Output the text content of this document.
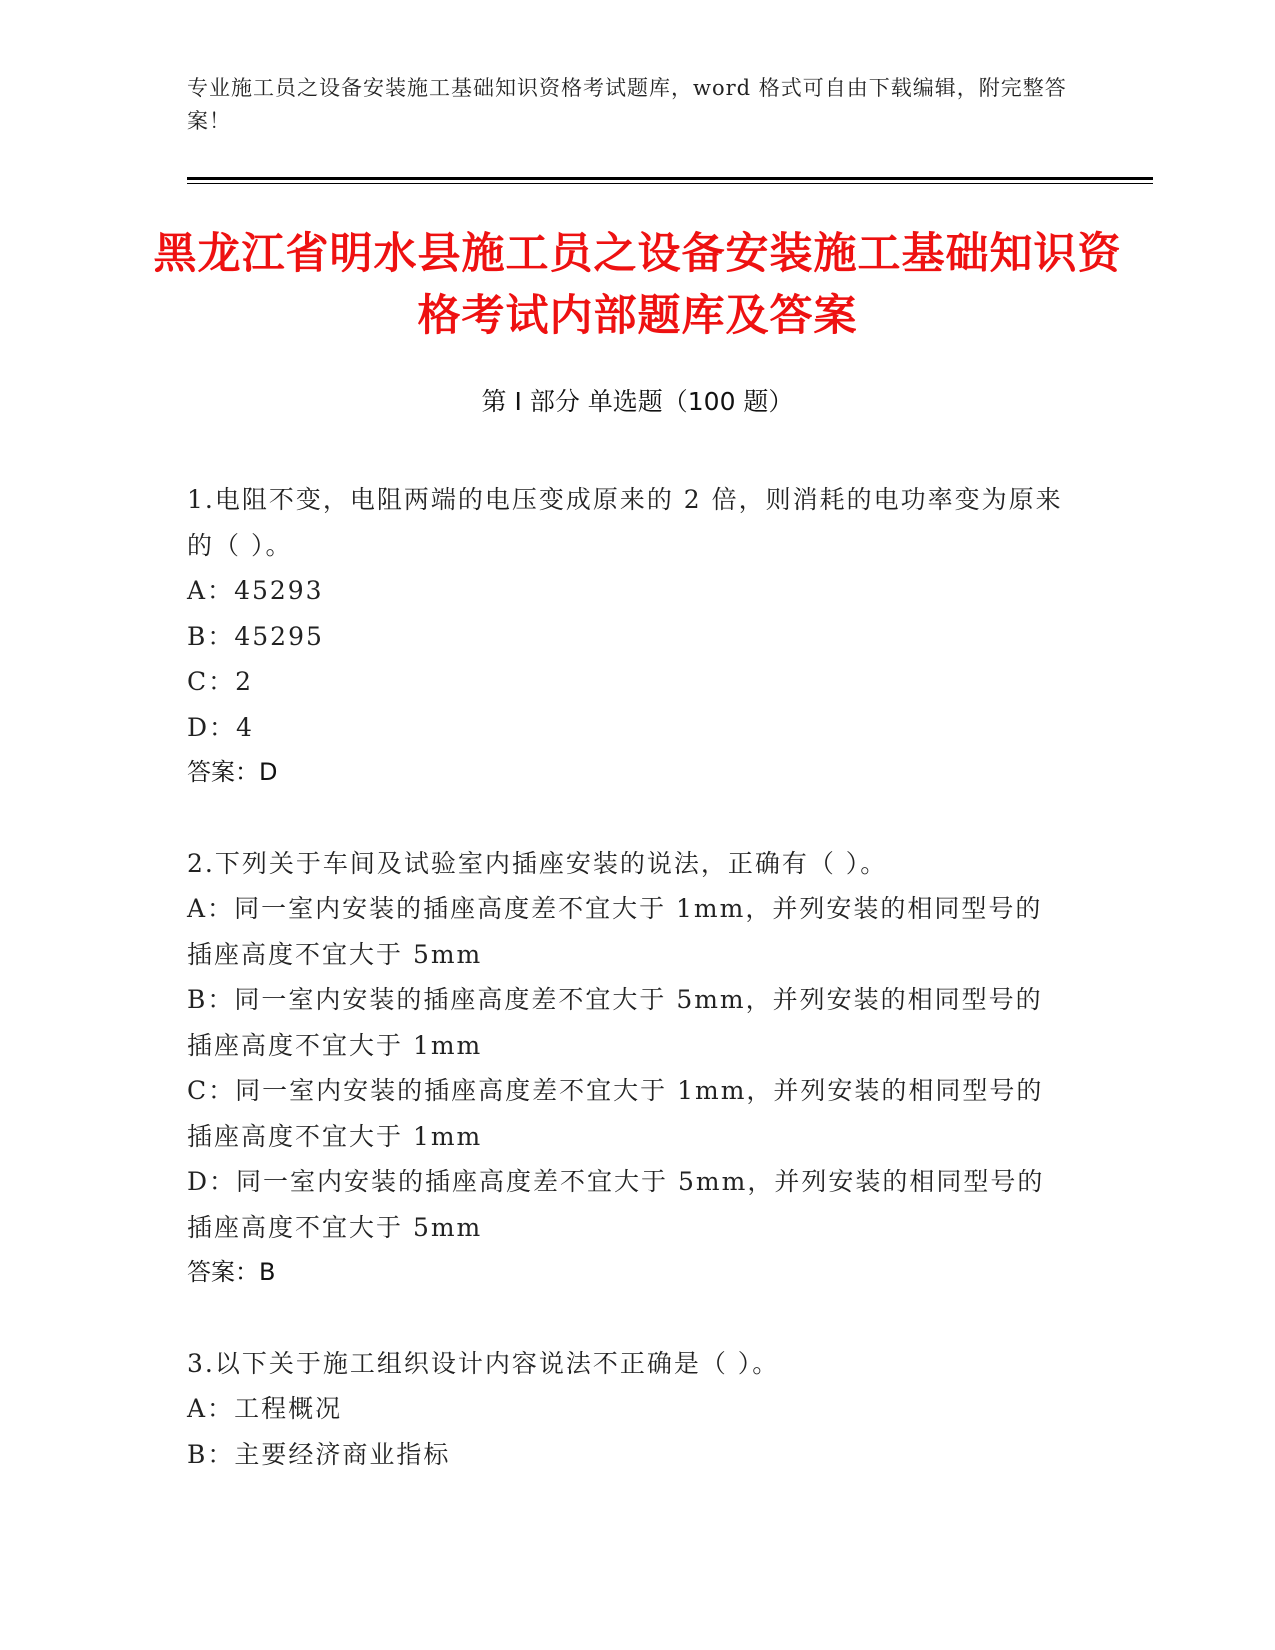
专业施工员之设备安装施工基础知识资格考试题库，word 格式可自由下载编辑，附完整答案！
黑龙江省明水县施工员之设备安装施工基础知识资格考试内部题库及答案
第 I 部分 单选题（100 题）
1.电阻不变，电阻两端的电压变成原来的 2 倍，则消耗的电功率变为原来的（ ）。
A：45293
B：45295
C：2
D：4
答案：D
2.下列关于车间及试验室内插座安装的说法，正确有（ ）。
A：同一室内安装的插座高度差不宜大于 1mm，并列安装的相同型号的插座高度不宜大于 5mm
B：同一室内安装的插座高度差不宜大于 5mm，并列安装的相同型号的插座高度不宜大于 1mm
C：同一室内安装的插座高度差不宜大于 1mm，并列安装的相同型号的插座高度不宜大于 1mm
D：同一室内安装的插座高度差不宜大于 5mm，并列安装的相同型号的插座高度不宜大于 5mm
答案：B
3.以下关于施工组织设计内容说法不正确是（ ）。
A：工程概况
B：主要经济商业指标
